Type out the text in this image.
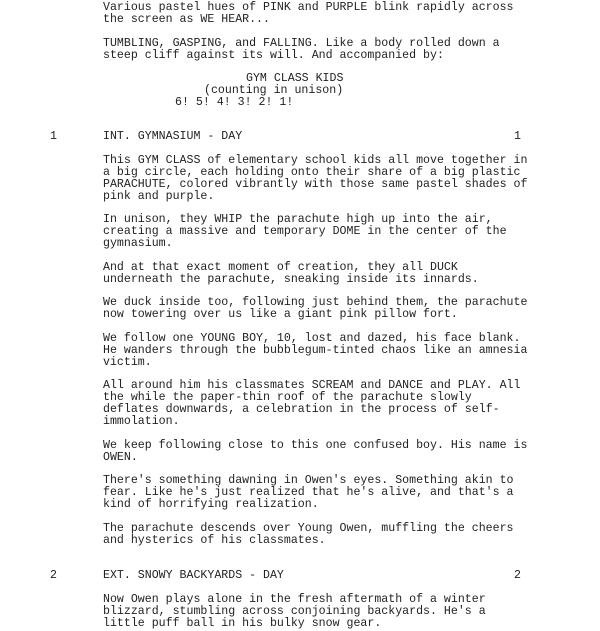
Various pastel hues of PINK and PURPLE blink rapidly across
the screen as WE HEAR...
TUMBLING, GASPING, and FALLING. Like a body rolled down a
steep cliff against its will. And accompanied by:
GYM CLASS KIDS
(counting in unison)
6! 5! 4! 3! 2! 1!
1	INT. GYMNASIUM - DAY	1
This GYM CLASS of elementary school kids all move together in
a big circle, each holding onto their share of a big plastic
PARACHUTE, colored vibrantly with those same pastel shades of
pink and purple.
In unison, they WHIP the parachute high up into the air,
creating a massive and temporary DOME in the center of the
gymnasium.
And at that exact moment of creation, they all DUCK
underneath the parachute, sneaking inside its innards.
We duck inside too, following just behind them, the parachute
now towering over us like a giant pink pillow fort.
We follow one YOUNG BOY, 10, lost and dazed, his face blank.
He wanders through the bubblegum-tinted chaos like an amnesia
victim.
All around him his classmates SCREAM and DANCE and PLAY. All
the while the paper-thin roof of the parachute slowly
deflates downwards, a celebration in the process of self-
immolation.
We keep following close to this one confused boy. His name is
OWEN.
There's something dawning in Owen's eyes. Something akin to
fear. Like he's just realized that he's alive, and that's a
kind of horrifying realization.
The parachute descends over Young Owen, muffling the cheers
and hysterics of his classmates.
2	EXT. SNOWY BACKYARDS - DAY	2
Now Owen plays alone in the fresh aftermath of a winter
blizzard, stumbling across conjoining backyards. He's a
little puff ball in his bulky snow gear.
